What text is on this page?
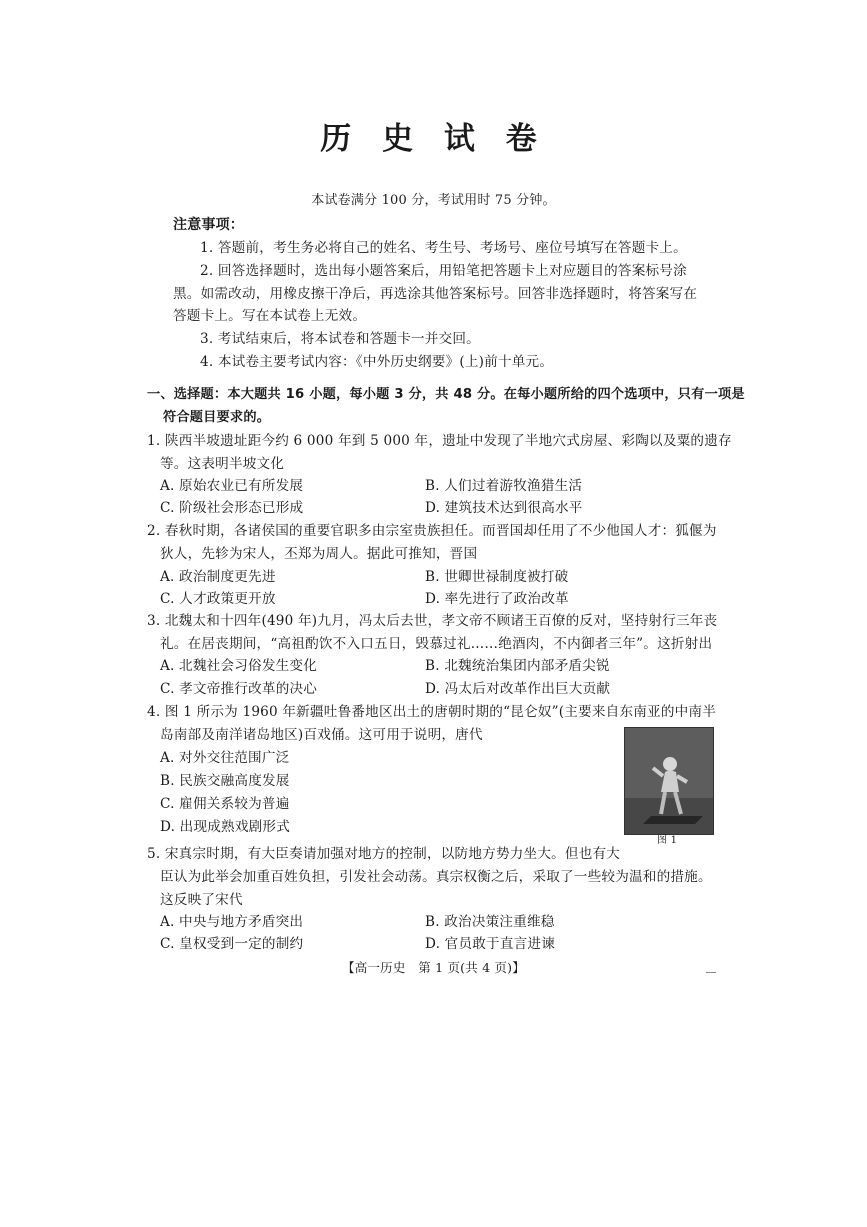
历 史 试 卷
本试卷满分 100 分，考试用时 75 分钟。
注意事项：
1. 答题前，考生务必将自己的姓名、考生号、考场号、座位号填写在答题卡上。
2. 回答选择题时，选出每小题答案后，用铅笔把答题卡上对应题目的答案标号涂
黑。如需改动，用橡皮擦干净后，再选涂其他答案标号。回答非选择题时，将答案写在
答题卡上。写在本试卷上无效。
3. 考试结束后，将本试卷和答题卡一并交回。
4. 本试卷主要考试内容：《中外历史纲要》(上)前十单元。
一、选择题：本大题共 16 小题，每小题 3 分，共 48 分。在每小题所给的四个选项中，只有一项是
符合题目要求的。
1. 陕西半坡遗址距今约 6 000 年到 5 000 年，遗址中发现了半地穴式房屋、彩陶以及粟的遗存
等。这表明半坡文化
A. 原始农业已有所发展	B. 人们过着游牧渔猎生活
C. 阶级社会形态已形成	D. 建筑技术达到很高水平
2. 春秋时期，各诸侯国的重要官职多由宗室贵族担任。而晋国却任用了不少他国人才：狐偃为
狄人，先轸为宋人，丕郑为周人。据此可推知，晋国
A. 政治制度更先进	B. 世卿世禄制度被打破
C. 人才政策更开放	D. 率先进行了政治改革
3. 北魏太和十四年(490 年)九月，冯太后去世，孝文帝不顾诸王百僚的反对，坚持射行三年丧
礼。在居丧期间，“高祖酌饮不入口五日，毁慕过礼……绝酒肉，不内御者三年”。这折射出
A. 北魏社会习俗发生变化	B. 北魏统治集团内部矛盾尖锐
C. 孝文帝推行改革的决心	D. 冯太后对改革作出巨大贡献
4. 图 1 所示为 1960 年新疆吐鲁番地区出土的唐朝时期的“昆仑奴”(主要来自东南亚的中南半
岛南部及南洋诸岛地区)百戏俑。这可用于说明，唐代
A. 对外交往范围广泛
B. 民族交融高度发展
C. 雇佣关系较为普遍
D. 出现成熟戏剧形式
图 1
5. 宋真宗时期，有大臣奏请加强对地方的控制，以防地方势力坐大。但也有大
臣认为此举会加重百姓负担，引发社会动荡。真宗权衡之后，采取了一些较为温和的措施。
这反映了宋代
A. 中央与地方矛盾突出	B. 政治决策注重维稳
C. 皇权受到一定的制约	D. 官员敢于直言进谏
【高一历史　第 1 页(共 4 页)】
